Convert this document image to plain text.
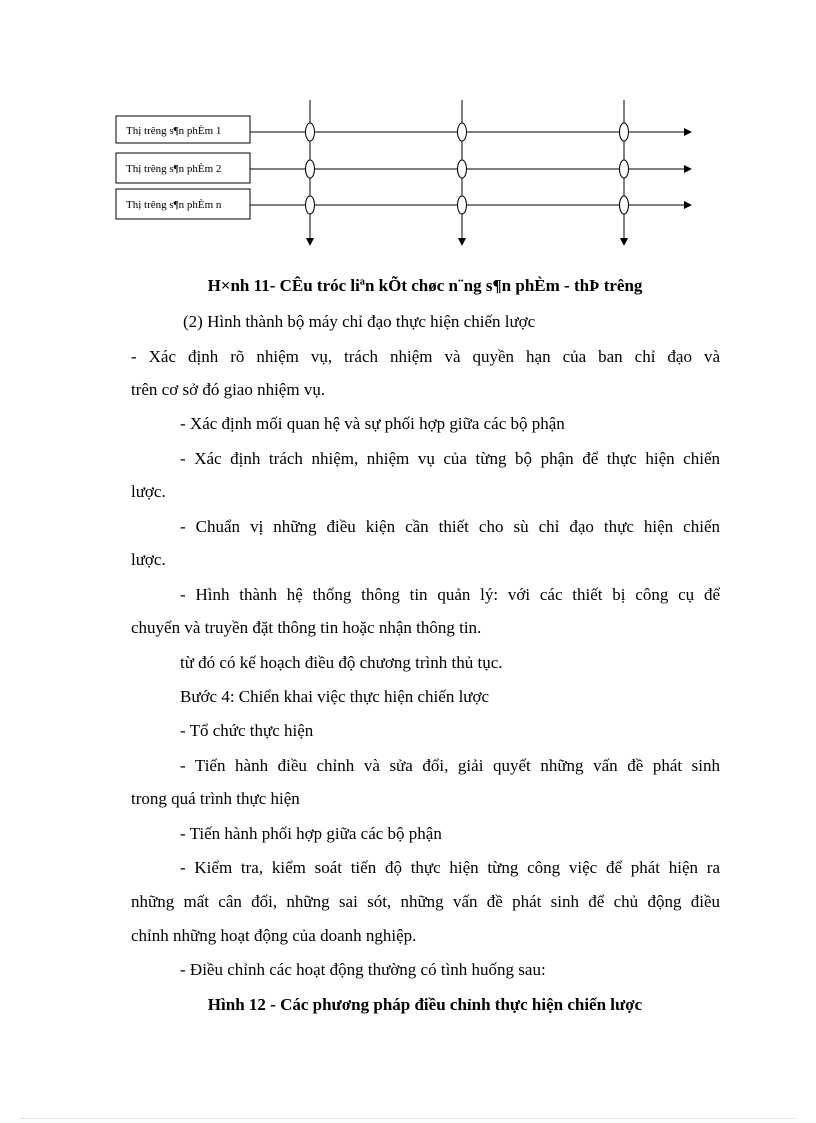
Thị trêng s¶n phÈm 1
Thị trêng s¶n phÈm 2
Thị trêng s¶n phÈm n
H×nh 11- CÊu tróc liªn kÕt chøc n¨ng s¶n phÈm - thÞ trêng
(2) Hình thành bộ máy chỉ đạo thực hiện chiến lược
- Xác định rõ nhiệm vụ, trách nhiệm và quyền hạn của ban chỉ đạo và
trên cơ sở đó giao nhiệm vụ.
- Xác định mối quan hệ và sự phối hợp giữa các bộ phận
- Xác định trách nhiệm, nhiệm vụ của từng bộ phận để thực hiện chiến
lược.
- Chuẩn vị những điều kiện cần thiết cho sù chỉ đạo thực hiện chiến
lược.
- Hình thành hệ thống thông tin quản lý: với các thiết bị công cụ để
chuyển và truyền đặt thông tin hoặc nhận thông tin.
từ đó có kế hoạch điều độ chương trình thủ tục.
Bước 4: Chiển khai việc thực hiện chiến lược
- Tổ chức thực hiện
- Tiến hành điều chỉnh và sửa đổi, giải quyết những vấn đề phát sinh
trong quá trình thực hiện
- Tiến hành phối hợp giữa các bộ phận
- Kiểm tra, kiểm soát tiến độ thực hiện từng công việc để phát hiện ra
những mất cân đối, những sai sót, những vấn đề phát sinh để chủ động điều
chỉnh những hoạt động của doanh nghiệp.
- Điều chỉnh các hoạt động thường có tình huống sau:
Hình 12 - Các phương pháp điều chỉnh thực hiện chiến lược
